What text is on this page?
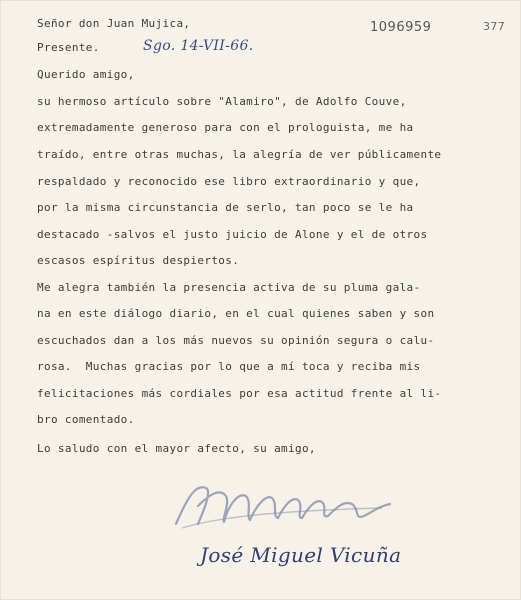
1096959	377
Señor don Juan Mujica,
Presente.	Sgo. 14-VII-66.
Querido amigo,
su hermoso artículo sobre "Alamiro", de Adolfo Couve,
extremadamente generoso para con el prologuista, me ha
traído, entre otras muchas, la alegría de ver públicamente
respaldado y reconocido ese libro extraordinario y que,
por la misma circunstancia de serlo, tan poco se le ha
destacado -salvos el justo juicio de Alone y el de otros
escasos espíritus despiertos.
Me alegra también la presencia activa de su pluma gala-
na en este diálogo diario, en el cual quienes saben y son
escuchados dan a los más nuevos su opinión segura o calu-
rosa.  Muchas gracias por lo que a mí toca y reciba mis
felicitaciones más cordiales por esa actitud frente al li-
bro comentado.
Lo saludo con el mayor afecto, su amigo,
José Miguel Vicuña
